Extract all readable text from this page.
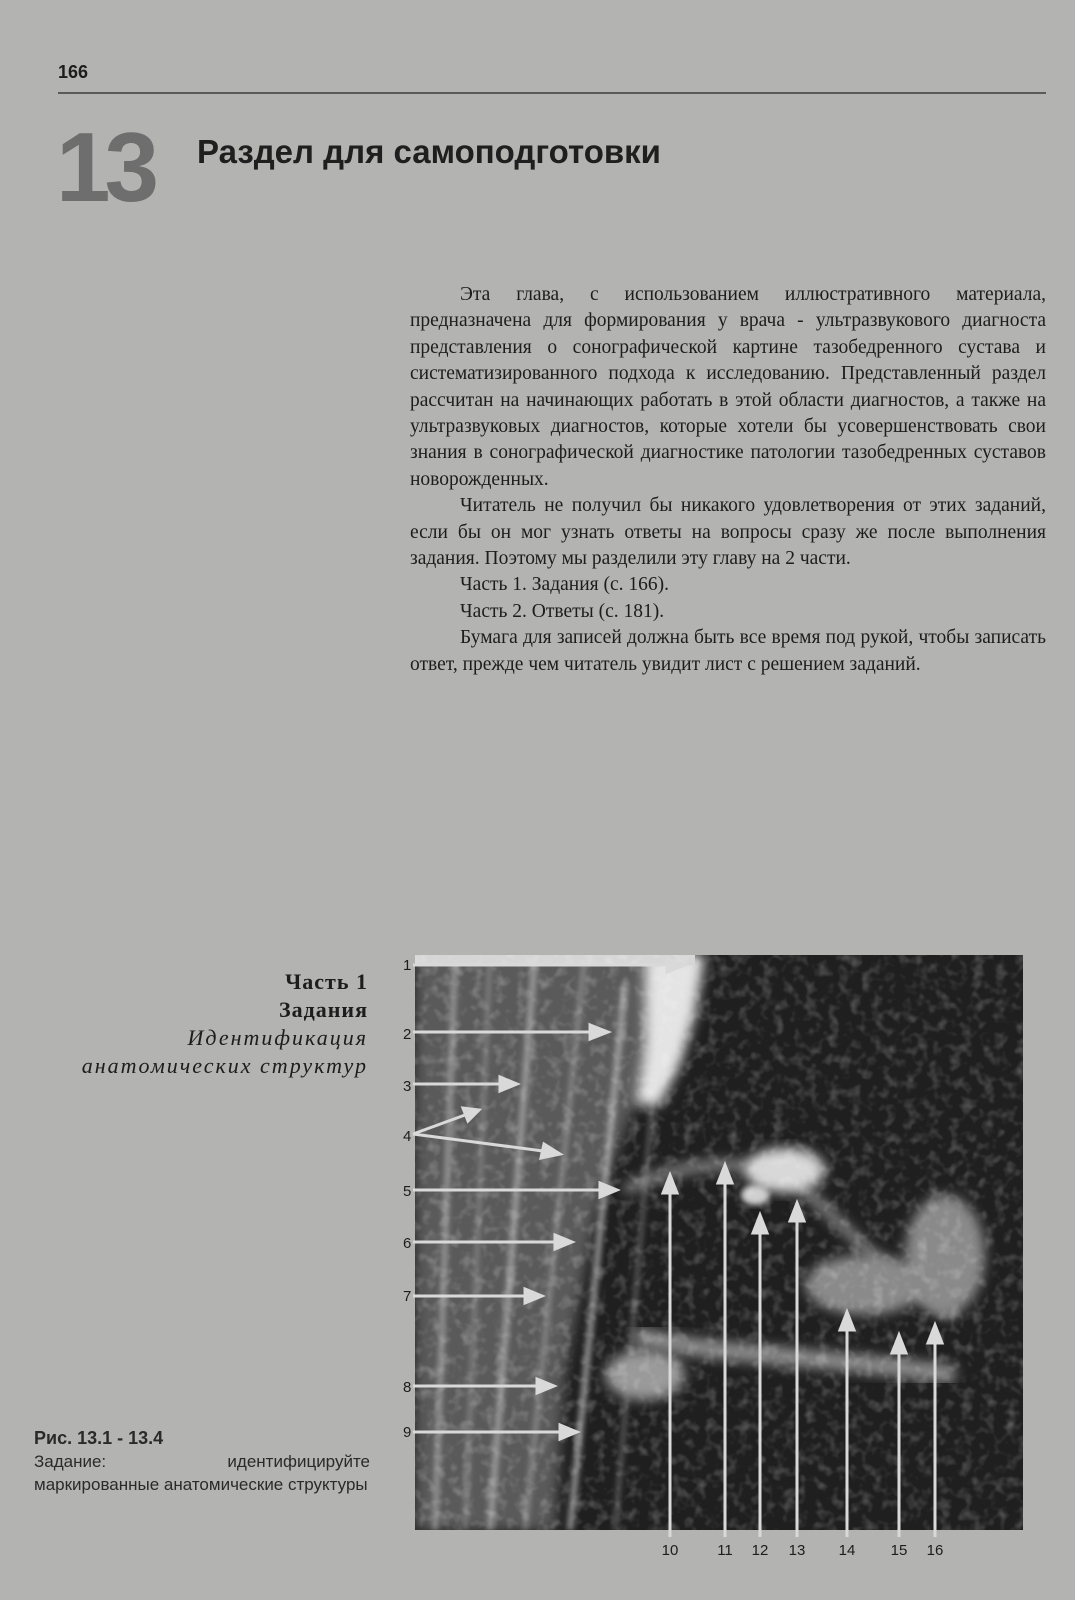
166
13 Раздел для самоподготовки

Эта глава, с использованием иллюстративного материала, предназначена для формирования у врача - ультразвукового диагноста представления о сонографической картине тазобедренного сустава и систематизированного подхода к исследованию. Представленный раздел рассчитан на начинающих работать в этой области диагностов, а также на ультразвуковых диагностов, которые хотели бы усовершенствовать свои знания в сонографической диагностике патологии тазобедренных суставов новорожденных.

Читатель не получил бы никакого удовлетворения от этих заданий, если бы он мог узнать ответы на вопросы сразу же после выполнения задания. Поэтому мы разделили эту главу на 2 части.

Часть 1. Задания (с. 166).

Часть 2. Ответы (с. 181).

Бумага для записей должна быть все время под рукой, чтобы записать ответ, прежде чем читатель увидит лист с решением заданий.

Часть 1
Задания
Идентификация
анатомических структур
Рис. 13.1 - 13.4
Задание: идентифицируйте маркированные анатомические структуры
1
2
3
4
5
6
7
8
9
10	11 12 13 14 15 16
